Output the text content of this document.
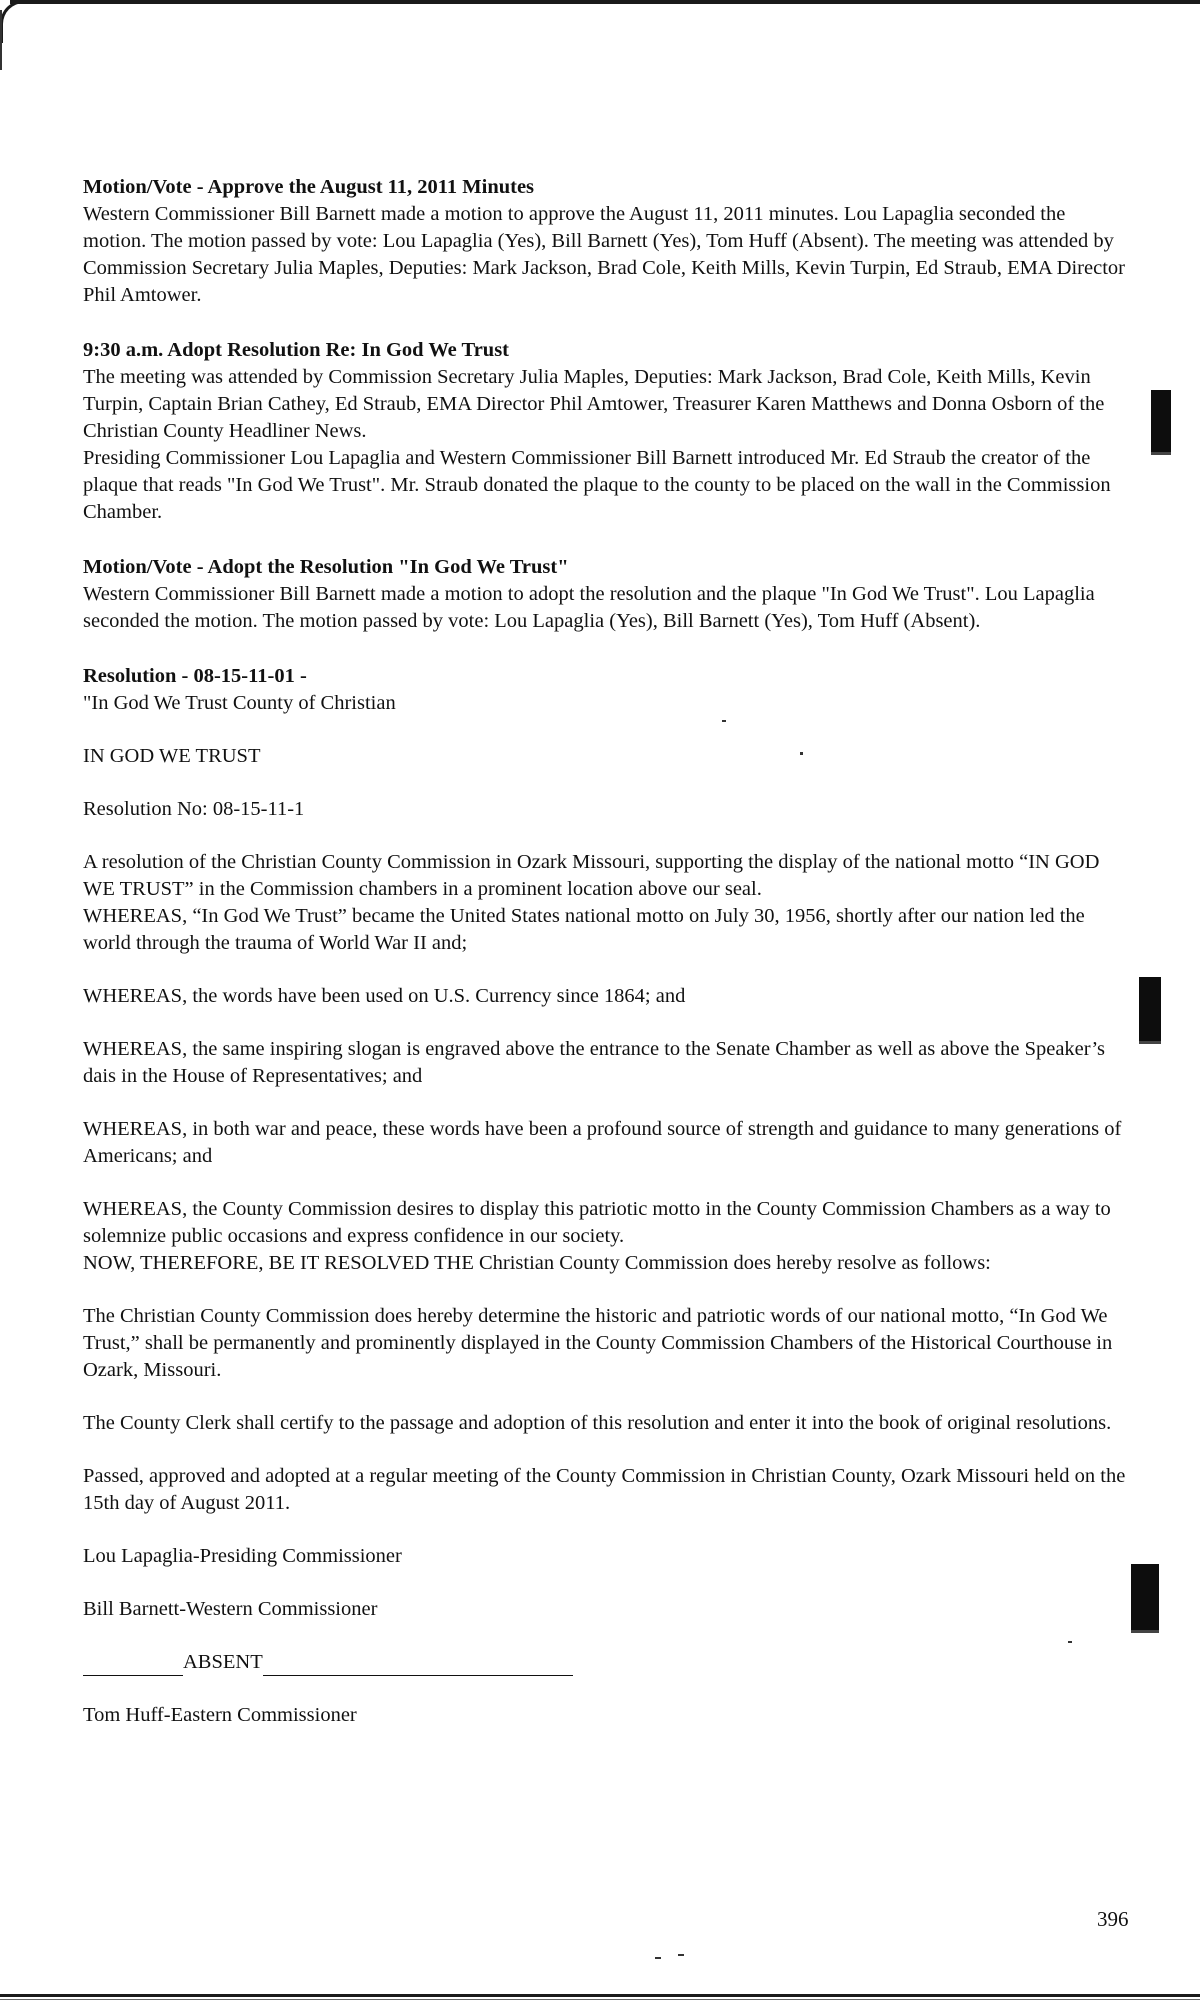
Motion/Vote - Approve the August 11, 2011 Minutes

Western Commissioner Bill Barnett made a motion to approve the August 11, 2011 minutes. Lou Lapaglia seconded the motion. The motion passed by vote: Lou Lapaglia (Yes), Bill Barnett (Yes), Tom Huff (Absent). The meeting was attended by Commission Secretary Julia Maples, Deputies: Mark Jackson, Brad Cole, Keith Mills, Kevin Turpin, Ed Straub, EMA Director Phil Amtower.

9:30 a.m. Adopt Resolution Re: In God We Trust

The meeting was attended by Commission Secretary Julia Maples, Deputies: Mark Jackson, Brad Cole, Keith Mills, Kevin Turpin, Captain Brian Cathey, Ed Straub, EMA Director Phil Amtower, Treasurer Karen Matthews and Donna Osborn of the Christian County Headliner News.

Presiding Commissioner Lou Lapaglia and Western Commissioner Bill Barnett introduced Mr. Ed Straub the creator of the plaque that reads "In God We Trust". Mr. Straub donated the plaque to the county to be placed on the wall in the Commission Chamber.

Motion/Vote - Adopt the Resolution "In God We Trust"

Western Commissioner Bill Barnett made a motion to adopt the resolution and the plaque "In God We Trust". Lou Lapaglia seconded the motion. The motion passed by vote: Lou Lapaglia (Yes), Bill Barnett (Yes), Tom Huff (Absent).

Resolution - 08-15-11-01 -

"In God We Trust County of Christian

IN GOD WE TRUST

Resolution No: 08-15-11-1

A resolution of the Christian County Commission in Ozark Missouri, supporting the display of the national motto “IN GOD WE TRUST” in the Commission chambers in a prominent location above our seal.

WHEREAS, “In God We Trust” became the United States national motto on July 30, 1956, shortly after our nation led the world through the trauma of World War II and;

WHEREAS, the words have been used on U.S. Currency since 1864; and

WHEREAS, the same inspiring slogan is engraved above the entrance to the Senate Chamber as well as above the Speaker’s dais in the House of Representatives; and

WHEREAS, in both war and peace, these words have been a profound source of strength and guidance to many generations of Americans; and

WHEREAS, the County Commission desires to display this patriotic motto in the County Commission Chambers as a way to solemnize public occasions and express confidence in our society.

NOW, THEREFORE, BE IT RESOLVED THE Christian County Commission does hereby resolve as follows:

The Christian County Commission does hereby determine the historic and patriotic words of our national motto, “In God We Trust,” shall be permanently and prominently displayed in the County Commission Chambers of the Historical Courthouse in Ozark, Missouri.

The County Clerk shall certify to the passage and adoption of this resolution and enter it into the book of original resolutions.

Passed, approved and adopted at a regular meeting of the County Commission in Christian County, Ozark Missouri held on the 15th day of August 2011.

Lou Lapaglia-Presiding Commissioner

Bill Barnett-Western Commissioner

ABSENT

Tom Huff-Eastern Commissioner

396
